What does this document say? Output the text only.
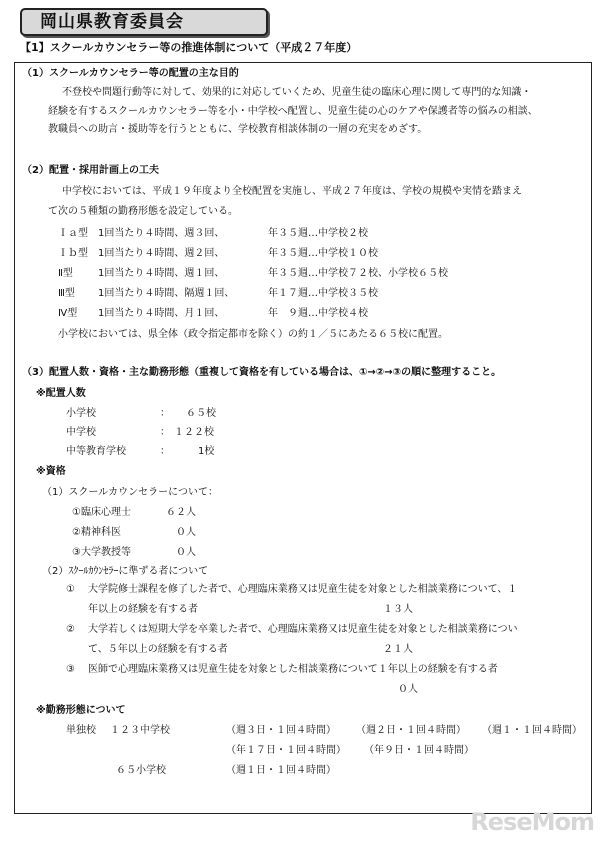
岡山県教育委員会
【1】スクールカウンセラー等の推進体制について（平成２７年度）
（1）スクールカウンセラー等の配置の主な目的
不登校や問題行動等に対して、効果的に対応していくため、児童生徒の臨床心理に関して専門的な知識・
経験を有するスクールカウンセラー等を小・中学校へ配置し、児童生徒の心のケアや保護者等の悩みの相談、
教職員への助言・援助等を行うとともに、学校教育相談体制の一層の充実をめざす。
（2）配置・採用計画上の工夫
中学校においては、平成１９年度より全校配置を実施し、平成２７年度は、学校の規模や実情を踏まえ
て次の５種類の勤務形態を設定している。
Ｉａ型 1回当たり４時間、週３回、	年３５週…中学校２校
Ｉｂ型 1回当たり４時間、週２回、	年３５週…中学校１０校
Ⅱ型	1回当たり４時間、週１回、	年３５週…中学校７２校、小学校６５校
Ⅲ型 1回当たり４時間、隔週１回、	年１７週…中学校３５校
Ⅳ型 1回当たり４時間、月１回、	年　９週…中学校４校
小学校においては、県全体（政令指定都市を除く）の約１／５にあたる６５校に配置。
（3）配置人数・資格・主な勤務形態（重複して資格を有している場合は、①→②→③の順に整理すること。
※配置人数
小学校	： ６５校
中学校	： １２２校
中等教育学校	：	1校
※資格
（1）スクールカウンセラーについて：
①臨床心理士	６２人
②精神科医	０人
③大学教授等	０人
（2）ｽｸｰﾙｶｳﾝｾﾗｰに準ずる者について
① 大学院修士課程を修了した者で、心理臨床業務又は児童生徒を対象とした相談業務について、１
年以上の経験を有する者	１３人
② 大学若しくは短期大学を卒業した者で、心理臨床業務又は児童生徒を対象とした相談業務につい
て、５年以上の経験を有する者	２１人
③ 医師で心理臨床業務又は児童生徒を対象とした相談業務について１年以上の経験を有する者
０人
※勤務形態について
単独校 １２３中学校	（週３日・１回４時間） （週２日・１回４時間） （週１・１回４時間）
（年１７日・１回４時間） （年９日・１回４時間）
６５小学校	（週１日・１回４時間）
ReseMom
